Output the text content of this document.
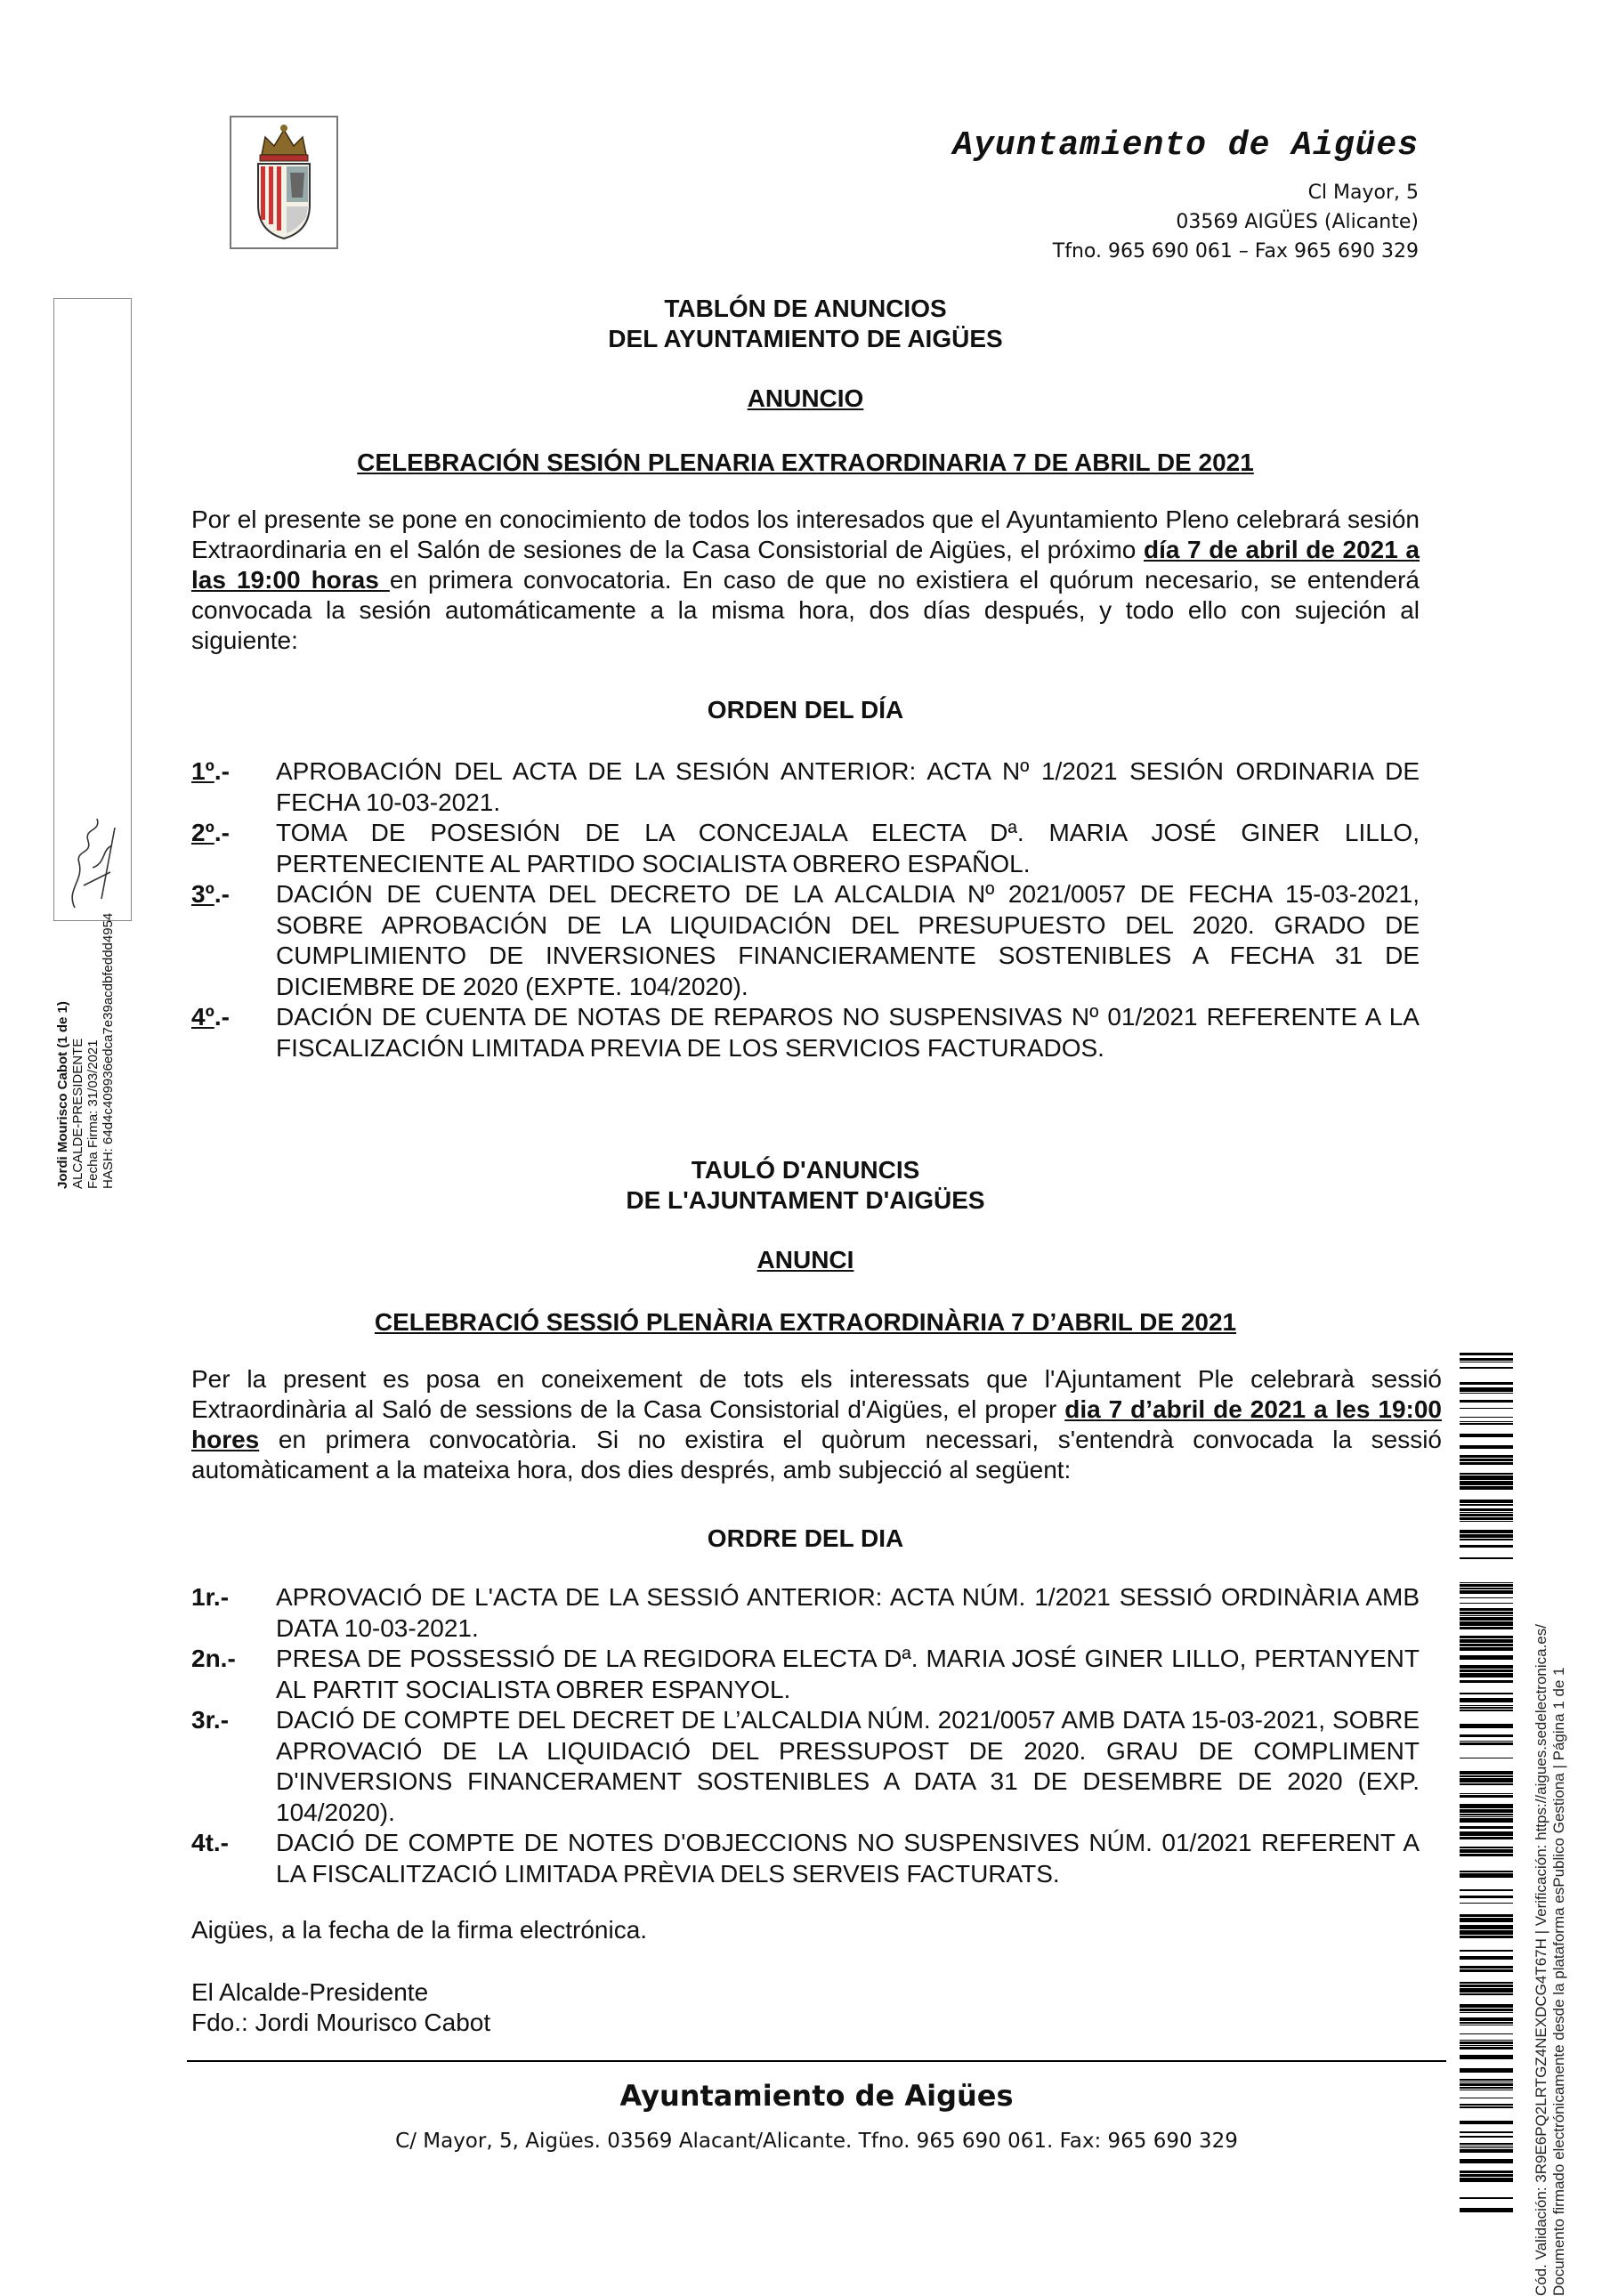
Ayuntamiento de Aigües
Cl Mayor, 5
03569 AIGÜES (Alicante)
Tfno. 965 690 061 – Fax 965 690 329
Jordi Mourisco Cabot (1 de 1) ALCALDE-PRESIDENTE Fecha Firma: 31/03/2021 HASH: 64d4c409936edca7e39acdbfeddd4954
TABLÓN DE ANUNCIOS
DEL AYUNTAMIENTO DE AIGÜES
ANUNCIO
CELEBRACIÓN SESIÓN PLENARIA EXTRAORDINARIA 7 DE ABRIL DE 2021
Por el presente se pone en conocimiento de todos los interesados que el Ayuntamiento Pleno celebrará sesión Extraordinaria en el Salón de sesiones de la Casa Consistorial de Aigües, el próximo día 7 de abril de 2021 a las 19:00 horas en primera convocatoria. En caso de que no existiera el quórum necesario, se entenderá convocada la sesión automáticamente a la misma hora, dos días después, y todo ello con sujeción al siguiente:
ORDEN DEL DÍA
1º.-	APROBACIÓN DEL ACTA DE LA SESIÓN ANTERIOR: ACTA Nº 1/2021 SESIÓN ORDINARIA DE FECHA 10-03-2021.
2º.-	TOMA DE POSESIÓN DE LA CONCEJALA ELECTA Dª. MARIA JOSÉ GINER LILLO, PERTENECIENTE AL PARTIDO SOCIALISTA OBRERO ESPAÑOL.
3º.-	DACIÓN DE CUENTA DEL DECRETO DE LA ALCALDIA Nº 2021/0057 DE FECHA 15-03-2021, SOBRE APROBACIÓN DE LA LIQUIDACIÓN DEL PRESUPUESTO DEL 2020. GRADO DE CUMPLIMIENTO DE INVERSIONES FINANCIERAMENTE SOSTENIBLES A FECHA 31 DE DICIEMBRE DE 2020 (EXPTE. 104/2020).
4º.-	DACIÓN DE CUENTA DE NOTAS DE REPAROS NO SUSPENSIVAS Nº 01/2021 REFERENTE A LA FISCALIZACIÓN LIMITADA PREVIA DE LOS SERVICIOS FACTURADOS.
TAULÓ D'ANUNCIS
DE L'AJUNTAMENT D'AIGÜES
ANUNCI
CELEBRACIÓ SESSIÓ PLENÀRIA EXTRAORDINÀRIA 7 D’ABRIL DE 2021
Per la present es posa en coneixement de tots els interessats que l'Ajuntament Ple celebrarà sessió Extraordinària al Saló de sessions de la Casa Consistorial d'Aigües, el proper dia 7 d’abril de 2021 a les 19:00 hores en primera convocatòria. Si no existira el quòrum necessari, s'entendrà convocada la sessió automàticament a la mateixa hora, dos dies després, amb subjecció al següent:
ORDRE DEL DIA
1r.-	APROVACIÓ DE L'ACTA DE LA SESSIÓ ANTERIOR: ACTA NÚM. 1/2021 SESSIÓ ORDINÀRIA AMB DATA 10-03-2021.
2n.-	PRESA DE POSSESSIÓ DE LA REGIDORA ELECTA Dª. MARIA JOSÉ GINER LILLO, PERTANYENT AL PARTIT SOCIALISTA OBRER ESPANYOL.
3r.-	DACIÓ DE COMPTE DEL DECRET DE L’ALCALDIA NÚM. 2021/0057 AMB DATA 15-03-2021, SOBRE APROVACIÓ DE LA LIQUIDACIÓ DEL PRESSUPOST DE 2020. GRAU DE COMPLIMENT D'INVERSIONS FINANCERAMENT SOSTENIBLES A DATA 31 DE DESEMBRE DE 2020 (EXP. 104/2020).
4t.-	DACIÓ DE COMPTE DE NOTES D'OBJECCIONS NO SUSPENSIVES NÚM. 01/2021 REFERENT A LA FISCALITZACIÓ LIMITADA PRÈVIA DELS SERVEIS FACTURATS.
Aigües, a la fecha de la firma electrónica.
El Alcalde-Presidente
Fdo.: Jordi Mourisco Cabot
Ayuntamiento de Aigües
C/ Mayor, 5, Aigües. 03569 Alacant/Alicante. Tfno. 965 690 061. Fax: 965 690 329	Cód. Validación: 3R9E6PQ2LRTGZ4NEXDCG4T67H | Verificación: https://aigues.sedelectronica.es/ Documento firmado electrónicamente desde la plataforma esPublico Gestiona | Página 1 de 1
